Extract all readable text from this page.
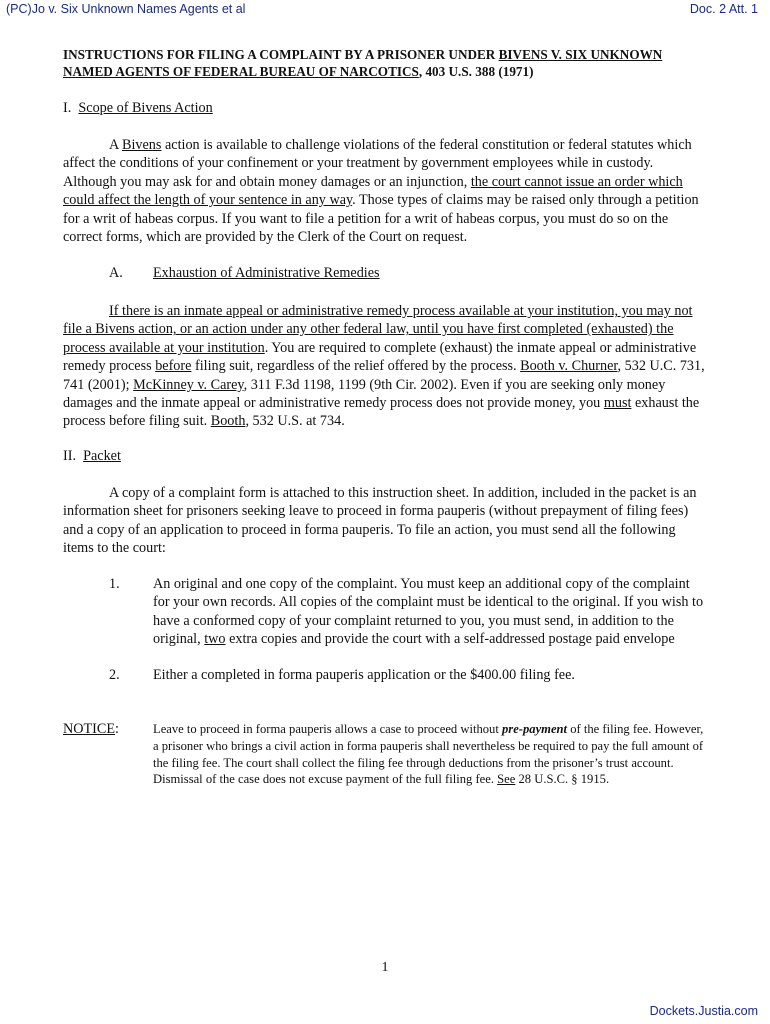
(PC)Jo v. Six Unknown Names Agents et al	Doc. 2 Att. 1
INSTRUCTIONS FOR FILING A COMPLAINT BY A PRISONER UNDER BIVENS V. SIX UNKNOWN NAMED AGENTS OF FEDERAL BUREAU OF NARCOTICS, 403 U.S. 388 (1971)
I. Scope of Bivens Action

A Bivens action is available to challenge violations of the federal constitution or federal statutes which affect the conditions of your confinement or your treatment by government employees while in custody. Although you may ask for and obtain money damages or an injunction, the court cannot issue an order which could affect the length of your sentence in any way. Those types of claims may be raised only through a petition for a writ of habeas corpus. If you want to file a petition for a writ of habeas corpus, you must do so on the correct forms, which are provided by the Clerk of the Court on request.

A. Exhaustion of Administrative Remedies

If there is an inmate appeal or administrative remedy process available at your institution, you may not file a Bivens action, or an action under any other federal law, until you have first completed (exhausted) the process available at your institution. You are required to complete (exhaust) the inmate appeal or administrative remedy process before filing suit, regardless of the relief offered by the process. Booth v. Churner, 532 U.C. 731, 741 (2001); McKinney v. Carey, 311 F.3d 1198, 1199 (9th Cir. 2002). Even if you are seeking only money damages and the inmate appeal or administrative remedy process does not provide money, you must exhaust the process before filing suit. Booth, 532 U.S. at 734.

II. Packet

A copy of a complaint form is attached to this instruction sheet. In addition, included in the packet is an information sheet for prisoners seeking leave to proceed in forma pauperis (without prepayment of filing fees) and a copy of an application to proceed in forma pauperis. To file an action, you must send all the following items to the court:

1.	An original and one copy of the complaint. You must keep an additional copy of the complaint for your own records. All copies of the complaint must be identical to the original. If you wish to have a conformed copy of your complaint returned to you, you must send, in addition to the original, two extra copies and provide the court with a self-addressed postage paid envelope
2.	Either a completed in forma pauperis application or the $400.00 filing fee.
NOTICE:	Leave to proceed in forma pauperis allows a case to proceed without pre-payment of the filing fee. However, a prisoner who brings a civil action in forma pauperis shall nevertheless be required to pay the full amount of the filing fee. The court shall collect the filing fee through deductions from the prisoner’s trust account. Dismissal of the case does not excuse payment of the full filing fee. See 28 U.S.C. § 1915.
1
Dockets.Justia.com
